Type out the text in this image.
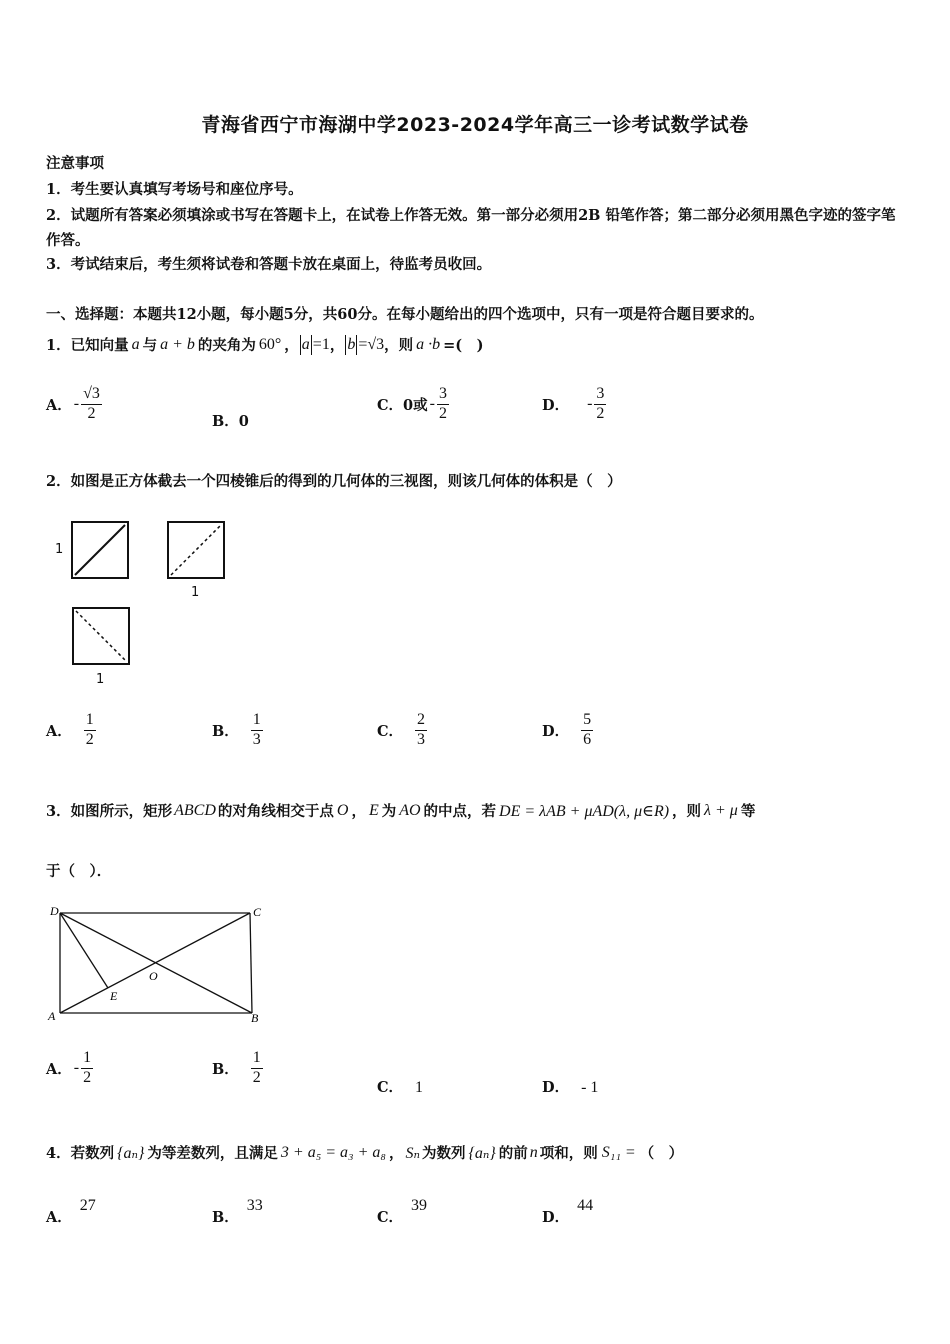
青海省西宁市海湖中学2023-2024学年高三一诊考试数学试卷
注意事项
1．考生要认真填写考场号和座位序号。
2．试题所有答案必须填涂或书写在答题卡上，在试卷上作答无效。第一部分必须用2B 铅笔作答；第二部分必须用黑色字迹的签字笔作答。
3．考试结束后，考生须将试卷和答题卡放在桌面上，待监考员收回。
一、选择题：本题共12小题，每小题5分，共60分。在每小题给出的四个选项中，只有一项是符合题目要求的。
1．已知向量 a 与 a + b 的夹角为 60° ， a =1 ， b =√3 ，则 a ·b =(　)
A． - $\frac{√3}{2}$	B．0
C． 0或 - $\frac{3}{2}$	D． - $\frac{3}{2}$
2．如图是正方体截去一个四棱锥后的得到的几何体的三视图，则该几何体的体积是（　）
1
1
1
A． $\frac{1}{2}$	B． $\frac{1}{3}$	C． $\frac{2}{3}$	D． $\frac{5}{6}$
3．如图所示，矩形 ABCD 的对角线相交于点 O ， E 为 AO 的中点，若 DE = λAB + μAD(λ, μ∈R) ，则 λ + μ 等
于（　）．
D	C
A	B
O
E
A． - $\frac{1}{2}$	B． $\frac{1}{2}$
C． 1	D． - 1
4．若数列 {aₙ} 为等差数列，且满足 3 + a₅ = a₃ + a₈ ， Sₙ 为数列 {aₙ} 的前 n 项和，则 S₁₁ = （　）
A．27
B．33
C．39
D．44
